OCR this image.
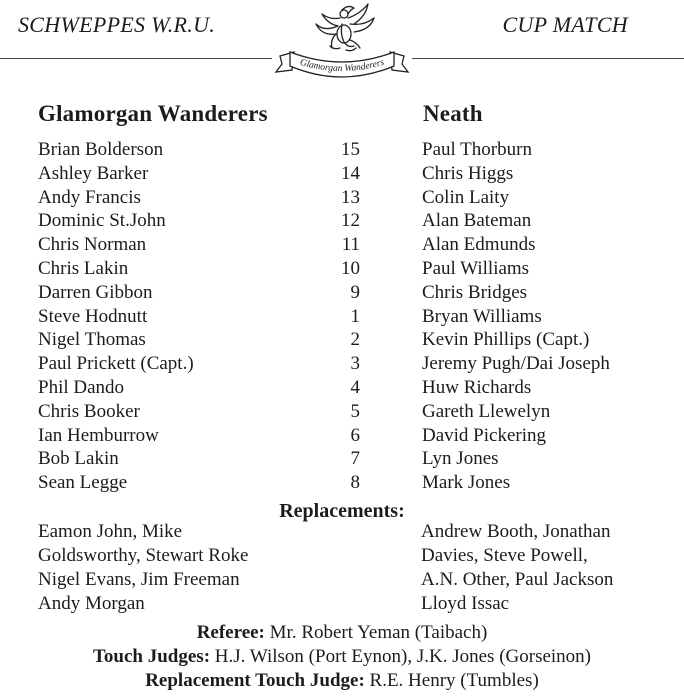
SCHWEPPES W.R.U.	CUP MATCH
Glamorgan Wanderers
Glamorgan Wanderers	Neath
Brian Bolderson
Ashley Barker
Andy Francis
Dominic St.John
Chris Norman
Chris Lakin
Darren Gibbon
Steve Hodnutt
Nigel Thomas
Paul Prickett (Capt.)
Phil Dando
Chris Booker
Ian Hemburrow
Bob Lakin
Sean Legge
15
14
13
12
11
10
9
1
2
3
4
5
6
7
8
Paul Thorburn
Chris Higgs
Colin Laity
Alan Bateman
Alan Edmunds
Paul Williams
Chris Bridges
Bryan Williams
Kevin Phillips (Capt.)
Jeremy Pugh/Dai Joseph
Huw Richards
Gareth Llewelyn
David Pickering
Lyn Jones
Mark Jones
Replacements:
Eamon John, Mike
Goldsworthy, Stewart Roke
Nigel Evans, Jim Freeman
Andy Morgan
Andrew Booth, Jonathan
Davies, Steve Powell,
A.N. Other, Paul Jackson
Lloyd Issac
Referee: Mr. Robert Yeman (Taibach)
Touch Judges: H.J. Wilson (Port Eynon), J.K. Jones (Gorseinon)
Replacement Touch Judge: R.E. Henry (Tumbles)
